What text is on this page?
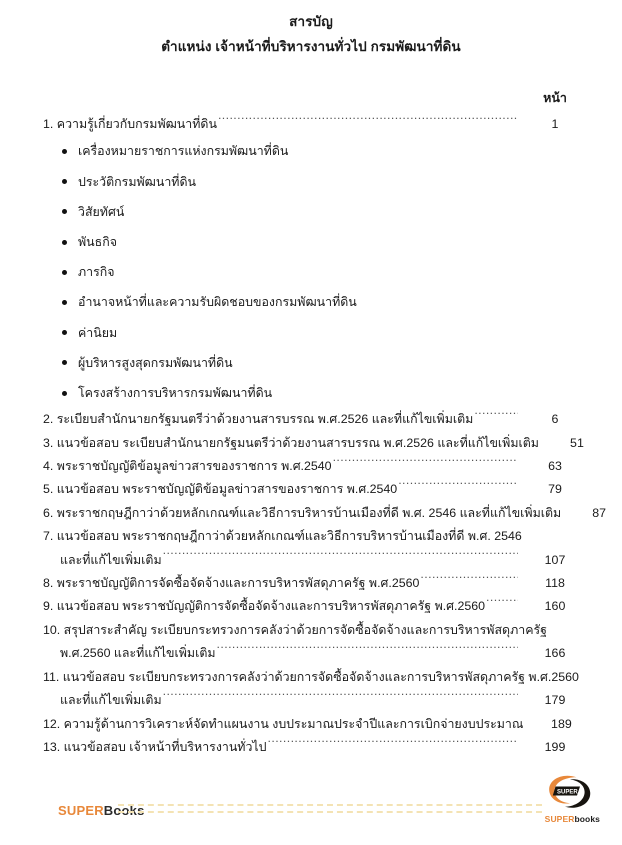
สารบัญ
ตำแหน่ง เจ้าหน้าที่บริหารงานทั่วไป กรมพัฒนาที่ดิน
หน้า
1. ความรู้เกี่ยวกับกรมพัฒนาที่ดิน .....	1
เครื่องหมายราชการแห่งกรมพัฒนาที่ดิน
ประวัติกรมพัฒนาที่ดิน
วิสัยทัศน์
พันธกิจ
ภารกิจ
อำนาจหน้าที่และความรับผิดชอบของกรมพัฒนาที่ดิน
ค่านิยม
ผู้บริหารสูงสุดกรมพัฒนาที่ดิน
โครงสร้างการบริหารกรมพัฒนาที่ดิน
2. ระเบียบสำนักนายกรัฐมนตรีว่าด้วยงานสารบรรณ พ.ศ.2526 และที่แก้ไขเพิ่มเติม .....	6
3. แนวข้อสอบ ระเบียบสำนักนายกรัฐมนตรีว่าด้วยงานสารบรรณ พ.ศ.2526 และที่แก้ไขเพิ่มเติม	51
4. พระราชบัญญัติข้อมูลข่าวสารของราชการ พ.ศ.2540 .....	63
5. แนวข้อสอบ พระราชบัญญัติข้อมูลข่าวสารของราชการ พ.ศ.2540 .....	79
6. พระราชกฤษฎีกาว่าด้วยหลักเกณฑ์และวิธีการบริหารบ้านเมืองที่ดี พ.ศ. 2546 และที่แก้ไขเพิ่มเติม	87
7. แนวข้อสอบ พระราชกฤษฎีกาว่าด้วยหลักเกณฑ์และวิธีการบริหารบ้านเมืองที่ดี พ.ศ. 2546
และที่แก้ไขเพิ่มเติม .....	107
8. พระราชบัญญัติการจัดซื้อจัดจ้างและการบริหารพัสดุภาครัฐ พ.ศ.2560 .....	118
9. แนวข้อสอบ พระราชบัญญัติการจัดซื้อจัดจ้างและการบริหารพัสดุภาครัฐ พ.ศ.2560 .....	160
10. สรุปสาระสำคัญ ระเบียบกระทรวงการคลังว่าด้วยการจัดซื้อจัดจ้างและการบริหารพัสดุภาครัฐ
พ.ศ.2560 และที่แก้ไขเพิ่มเติม .....	166
11. แนวข้อสอบ ระเบียบกระทรวงการคลังว่าด้วยการจัดซื้อจัดจ้างและการบริหารพัสดุภาครัฐ พ.ศ.2560
และที่แก้ไขเพิ่มเติม .....	179
12. ความรู้ด้านการวิเคราะห์จัดทำแผนงาน งบประมาณประจำปีและการเบิกจ่ายงบประมาณ	189
13. แนวข้อสอบ เจ้าหน้าที่บริหารงานทั่วไป .....	199
SUPERBooks
SUPER
SUPERbooks
